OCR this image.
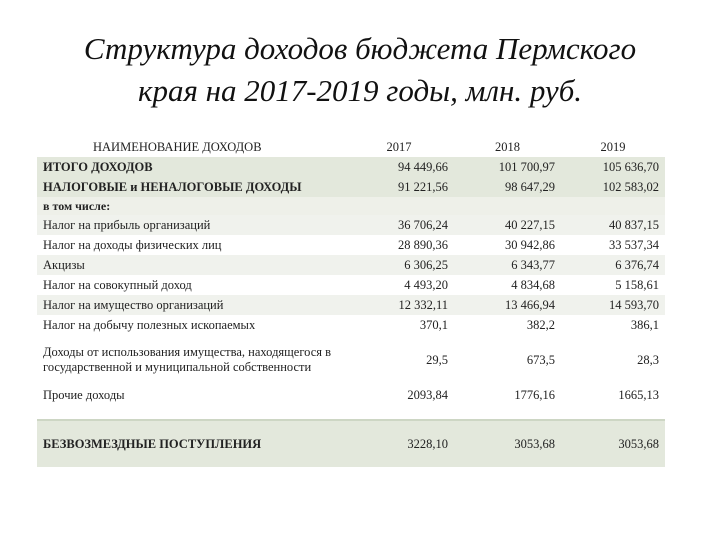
Структура доходов бюджета Пермского
края на 2017-2019 годы, млн. руб.
НАИМЕНОВАНИЕ ДОХОДОВ	2017	2018	2019
ИТОГО ДОХОДОВ	94 449,66	101 700,97	105 636,70
НАЛОГОВЫЕ и НЕНАЛОГОВЫЕ ДОХОДЫ	91 221,56	98 647,29	102 583,02
в том числе:			
Налог на прибыль организаций	36 706,24	40 227,15	40 837,15
Налог на доходы физических лиц	28 890,36	30 942,86	33 537,34
Акцизы	6 306,25	6 343,77	6 376,74
Налог на совокупный доход	4 493,20	4 834,68	5 158,61
Налог на имущество организаций	12 332,11	13 466,94	14 593,70
Налог на добычу полезных ископаемых	370,1	382,2	386,1
Доходы от использования имущества, находящегося в государственной и муниципальной собственности	29,5	673,5	28,3
Прочие доходы	2093,84	1776,16	1665,13

БЕЗВОЗМЕЗДНЫЕ ПОСТУПЛЕНИЯ	3228,10	3053,68	3053,68
